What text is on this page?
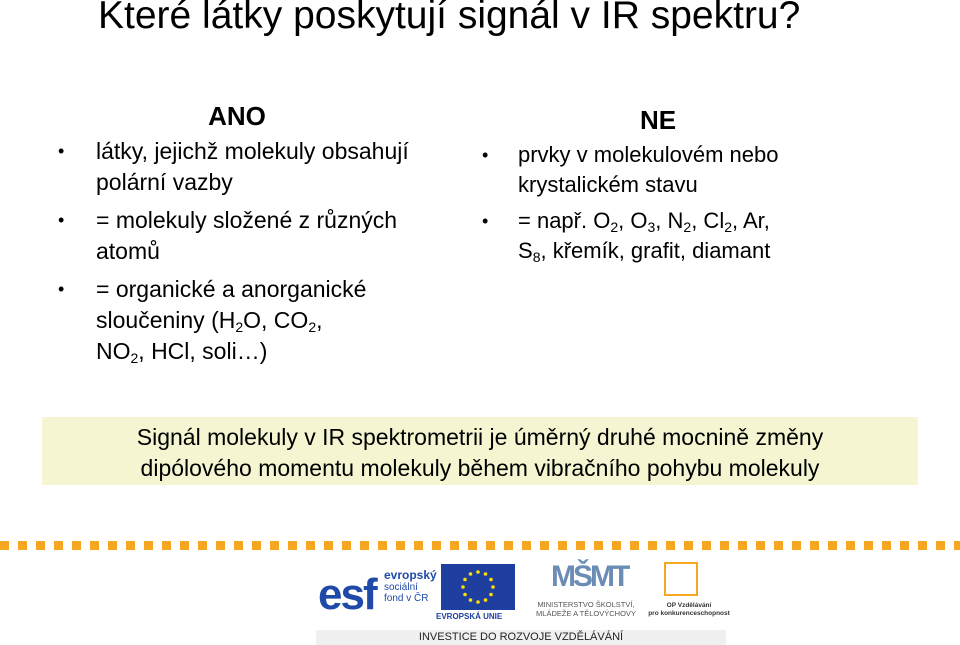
Které látky poskytují signál v IR spektru?
ANO
• látky, jejichž molekuly obsahují polární vazby
• = molekuly složené z různých atomů
• = organické a anorganické sloučeniny ($H_2O$, $CO_2$,
$NO_2$, HCl, soli…)
NE
• prvky v molekulovém nebo krystalickém stavu
• = např. $O_2$, $O_3$, $N_2$, $Cl_2$, Ar,
$S_8$, křemík, grafit, diamant
Signál molekuly v IR spektrometrii je úměrný druhé mocnině změny
dipólového momentu molekuly během vibračního pohybu molekuly
esf evropský
sociální
fond v ČR
EVROPSKÁ UNIE
MŠMT
MINISTERSTVO ŠKOLSTVÍ,
MLÁDEŽE A TĚLOVÝCHOVY
OP Vzdělávání
pro konkurenceschopnost
INVESTICE DO ROZVOJE VZDĚLÁVÁNÍ
